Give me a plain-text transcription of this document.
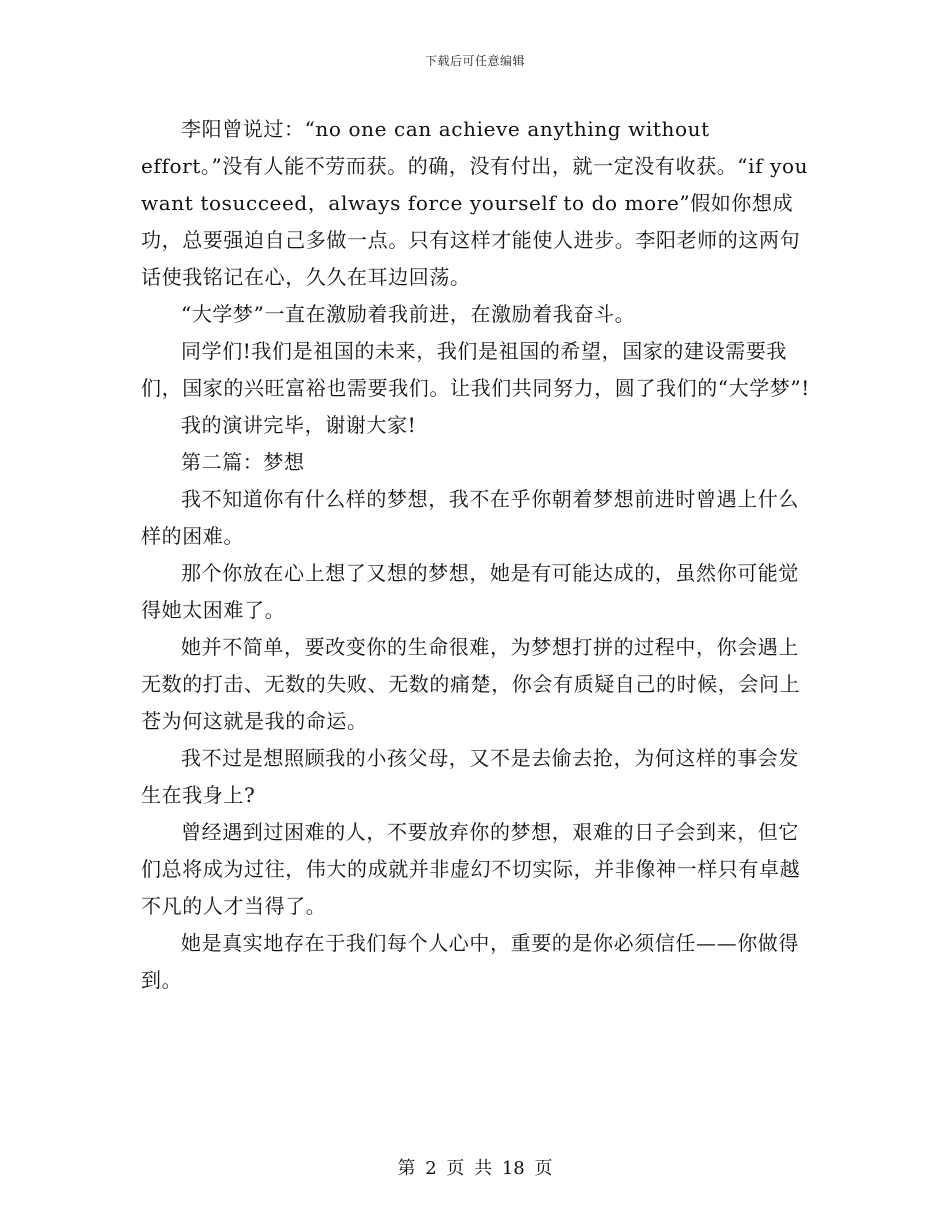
下载后可任意编辑

李阳曾说过：“no one can achieve anything without effort。”没有人能不劳而获。的确，没有付出，就一定没有收获。“if you want tosucceed，always force yourself to do more”假如你想成功，总要强迫自己多做一点。只有这样才能使人进步。李阳老师的这两句话使我铭记在心，久久在耳边回荡。

“大学梦”一直在激励着我前进，在激励着我奋斗。

同学们!我们是祖国的未来，我们是祖国的希望，国家的建设需要我们，国家的兴旺富裕也需要我们。让我们共同努力，圆了我们的“大学梦”!

我的演讲完毕，谢谢大家!

第二篇：梦想

我不知道你有什么样的梦想，我不在乎你朝着梦想前进时曾遇上什么样的困难。

那个你放在心上想了又想的梦想，她是有可能达成的，虽然你可能觉得她太困难了。

她并不简单，要改变你的生命很难，为梦想打拼的过程中，你会遇上无数的打击、无数的失败、无数的痛楚，你会有质疑自己的时候，会问上苍为何这就是我的命运。

我不过是想照顾我的小孩父母，又不是去偷去抢，为何这样的事会发生在我身上?

曾经遇到过困难的人，不要放弃你的梦想，艰难的日子会到来，但它们总将成为过往，伟大的成就并非虚幻不切实际，并非像神一样只有卓越不凡的人才当得了。

她是真实地存在于我们每个人心中，重要的是你必须信任——你做得到。

第 2 页 共 18 页
